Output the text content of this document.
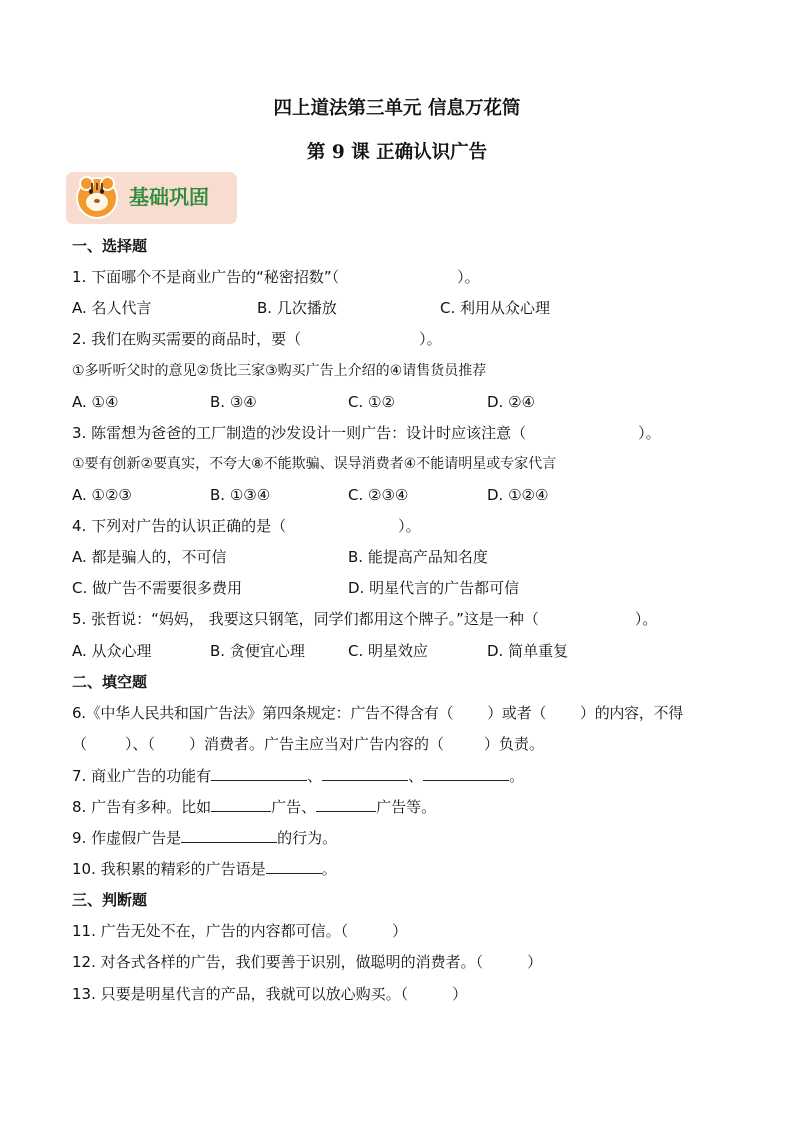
四上道法第三单元 信息万花筒
第 9 课 正确认识广告
基础巩固
一、选择题
1. 下面哪个不是商业广告的“秘密招数”（	）。
A. 名人代言	B. 几次播放	C. 利用从众心理
2. 我们在购买需要的商品时，要（	）。
①多听听父时的意见②货比三家③购买广告上介绍的④请售货员推荐
A. ①④	B. ③④	C. ①②	D. ②④
3. 陈雷想为爸爸的工厂制造的沙发设计一则广告：设计时应该注意（	）。
①要有创新②要真实，不夸大⑧不能欺骗、误导消费者④不能请明星或专家代言
A. ①②③	B. ①③④	C. ②③④	D. ①②④
4. 下列对广告的认识正确的是（	）。
A. 都是骗人的，不可信	B. 能提高产品知名度
C. 做广告不需要很多费用	D. 明星代言的广告都可信
5. 张哲说：“妈妈， 我要这只钢笔，同学们都用这个牌子。”这是一种（	）。
A. 从众心理	B. 贪便宜心理	C. 明星效应	D. 简单重复
二、填空题
6.《中华人民共和国广告法》第四条规定：广告不得含有（ ）或者（ ）的内容，不得
（	）、（ ）消费者。广告主应当对广告内容的（	）负责。
7. 商业广告的功能有	、	、	。
8. 广告有多种。比如	广告、	广告等。
9. 作虚假广告是	的行为。
10. 我积累的精彩的广告语是	。
三、判断题
11. 广告无处不在，广告的内容都可信。（	）
12. 对各式各样的广告，我们要善于识别，做聪明的消费者。（	）
13. 只要是明星代言的产品，我就可以放心购买。（	）
